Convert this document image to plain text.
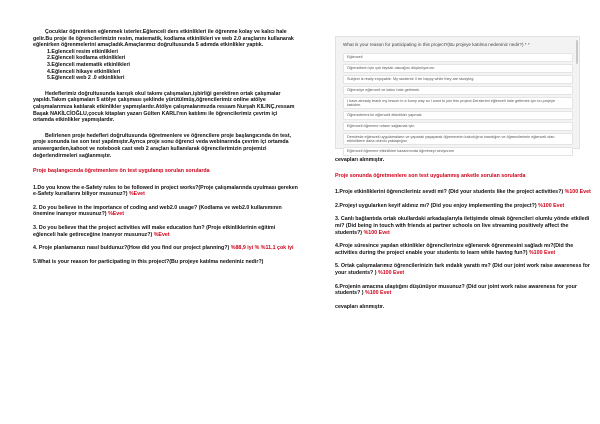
Çocuklar öğrenirken eğlenmek isterler.Eğlenceli ders etkinlikleri ile öğrenme kolay ve kalıcı hale gelir.Bu proje ile öğrencilerimizin resim, matematik, kodlama etkinlikleri ve web 2.0 araçlarını kullanarak eğlenirken öğrenmelerini amaçladık.Amaçlarımız doğrultusunda 5 adımda etkinlikler yaptık.

1.Eglenceli resim etkinlikleri
2.Eğlenceli kodlama etkinlikleri
3.Eğlenceli matematik etkinlikleri
4.Eğlenceli hikaye etkinlikleri
5.Eğlenceli web 2 .0 etkinlikleri

Hedeflerimiz doğrultusunda karışık okul takımı çalışmaları,işbirliği gerektiren ortak çalışmalar yapıldı.Takım çalışmaları 5 atölye çalışması şeklinde yürütülmüş,öğrencilerimiz online atölye çalışmalarımıza katılarak etkinlikler yapmışlardır.Atölye çalışmalarımızda ressam Nurşah KILINÇ,ressam Başak NAKİLCİOĞLU,çocuk kitapları yazarı Gülten KARLI'nın katılımı ile öğrencilerimiz çevrim içi ortamda etkinlikler yapmışlardır.

Belirlenen proje hedefleri doğrultusunda öğretmenlere ve öğrencilere proje başlangıcında ön test, proje sonunda ise son test yapılmıştır.Ayrıca proje sonu öğrenci veda webinarında çevrim içi ortamda answergarden,kahoot ve notebook cast web 2 araçları kullanılarak öğrencilerimizin projemizi değerlendirmeleri sağlanmıştır.

Proje başlangıcında öğretmenlere ön test uygulanıp sorulan sorularda

1.Do you know the e-Safety rules to be followed in project works?(Proje çalışmalarında uyulması gereken e-Safety kurallarını biliyor musunuz?) %Evet

2. Do you believe in the importance of coding and web2.0 usage? (Kodlama ve web2.0 kullanımının önemine inanıyor musunuz?) %Evet

3. Do you believe that the project activities will make education fun? (Proje etkinliklerinin eğitimi eğlenceli hale getireceğine inanıyor musunuz?) %Evet

4. Proje planlamanızı nasıl buldunuz?(How did you find our project planning?) %88,9 iyi % %11,1 çok iyi

5.What is your reason for participating in this project?(Bu projeye katılma nedeniniz nedir?)

What is your reason for participating in this project?(Bu projeye katılma nedeniniz nedir?) * *
Eğlenceli
Öğrencilerin için çok faydalı olacağını düşünüyorum.
Subject is really enjoyable. My students' ll be happy while they are studying.
Öğrenciye eğlenceli ve kalıcı hale getirmek
I have already teach my lesson in a funny way so I want to join this project.Derslerimi eğlenceli hale getirmek için bu projeye katıldım.
Öğrencilerimi ile eğlenceli etkinlikler yapmak
Eğlenceli öğrenme ortamı sağlamak için
Derslerde eğlenceli uygulamaların ve yaparak yaşayarak öğrenmenin kalıcılığına inandığım ve öğrencilerimin eğlenceli olan etkinliklere daha olumlu yaklaştığını
Eğlenceli öğrenme etkinlikleri kazanmında öğretmeyi seviyorum

cevapları alınmıştır.

Proje sonunda öğretmenlere son test uygulanmış anketle sorulan sorularda

1.Proje etkinliklerini öğrencileriniz sevdi mi? (Did your students like the project activities?) %100 Evet

2.Projeyi uygularken keyif aldınız mı? (Did you enjoy implementing the project?) %100 Evet

3. Canlı bağlantıda ortak okullardaki arkadaşlarıyla iletişimde olmak öğrencileri olumlu yönde etkiledi mi? (Did being in touch with friends at partner schools on live streaming positively affect the students?) %100 Evet

4.Proje süresince yapılan etkinlikler öğrencilerinize eğlenerek öğrenmesini sağladı mı?(Did the activities during the project enable your students to learn while having fun?) %100 Evet

5. Ortak çalışmalarımız öğrencilerinizin fark ındalık yarattı mı? (Did our joint work raise awareness for your students? ) %100 Evet

6.Projenin amacına ulaştığını düşünüyor musunuz? (Did our joint work raise awareness for your students? ) %100 Evet

cevapları alınmıştır.
